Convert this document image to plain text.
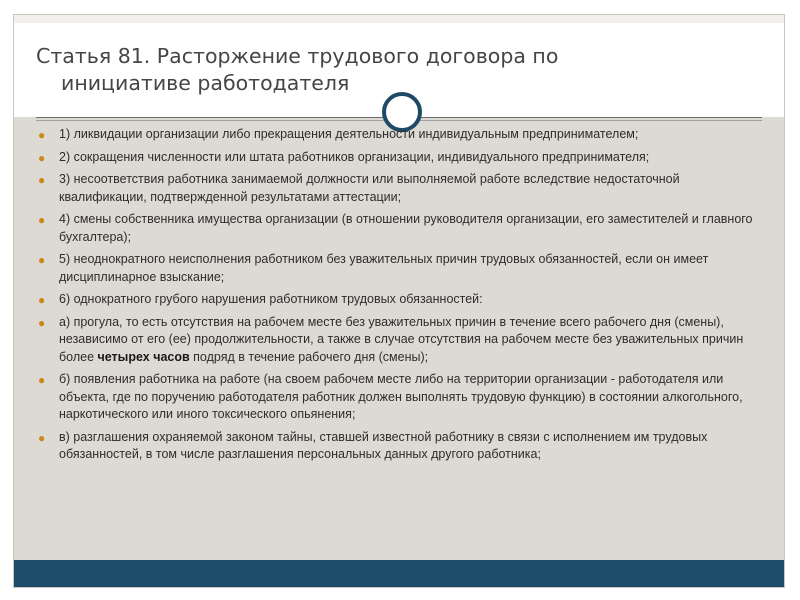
Статья 81. Расторжение трудового договора по
инициативе работодателя
● 1) ликвидации организации либо прекращения деятельности индивидуальным предпринимателем;
● 2) сокращения численности или штата работников организации, индивидуального предпринимателя;
● 3) несоответствия работника занимаемой должности или выполняемой работе вследствие недостаточной квалификации, подтвержденной результатами аттестации;
● 4) смены собственника имущества организации (в отношении руководителя организации, его заместителей и главного бухгалтера);
● 5) неоднократного неисполнения работником без уважительных причин трудовых обязанностей, если он имеет дисциплинарное взыскание;
● 6) однократного грубого нарушения работником трудовых обязанностей:
● а) прогула, то есть отсутствия на рабочем месте без уважительных причин в течение всего рабочего дня (смены), независимо от его (ее) продолжительности, а также в случае отсутствия на рабочем месте без уважительных причин более четырех часов подряд в течение рабочего дня (смены);
● б) появления работника на работе (на своем рабочем месте либо на территории организации - работодателя или объекта, где по поручению работодателя работник должен выполнять трудовую функцию) в состоянии алкогольного, наркотического или иного токсического опьянения;
● в) разглашения охраняемой законом тайны, ставшей известной работнику в связи с исполнением им трудовых обязанностей, в том числе разглашения персональных данных другого работника;
